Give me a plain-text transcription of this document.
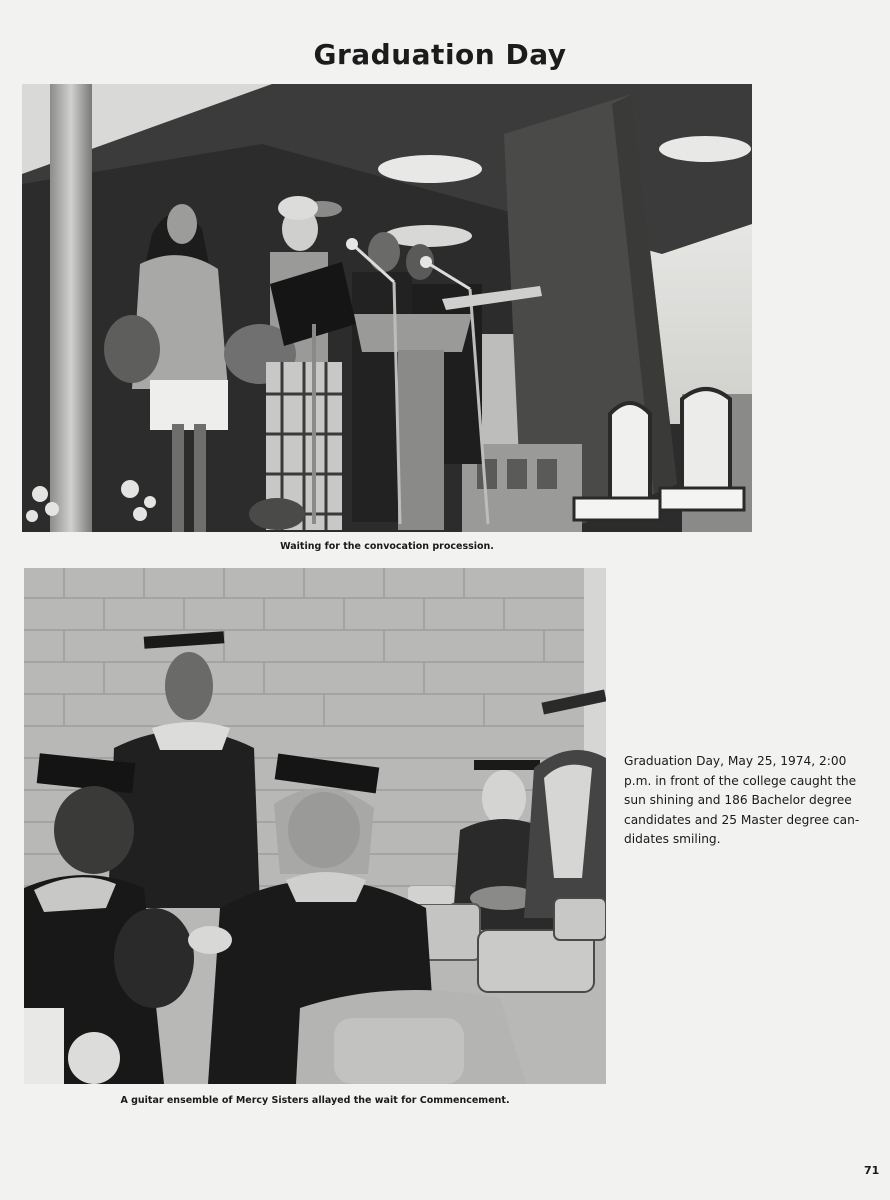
Graduation Day
Waiting for the convocation procession.
A guitar ensemble of Mercy Sisters allayed the wait for Commencement.
Graduation Day, May 25, 1974, 2:00
p.m. in front of the college caught the
sun shining and 186 Bachelor degree
candidates and 25 Master degree can-
didates smiling.
71
